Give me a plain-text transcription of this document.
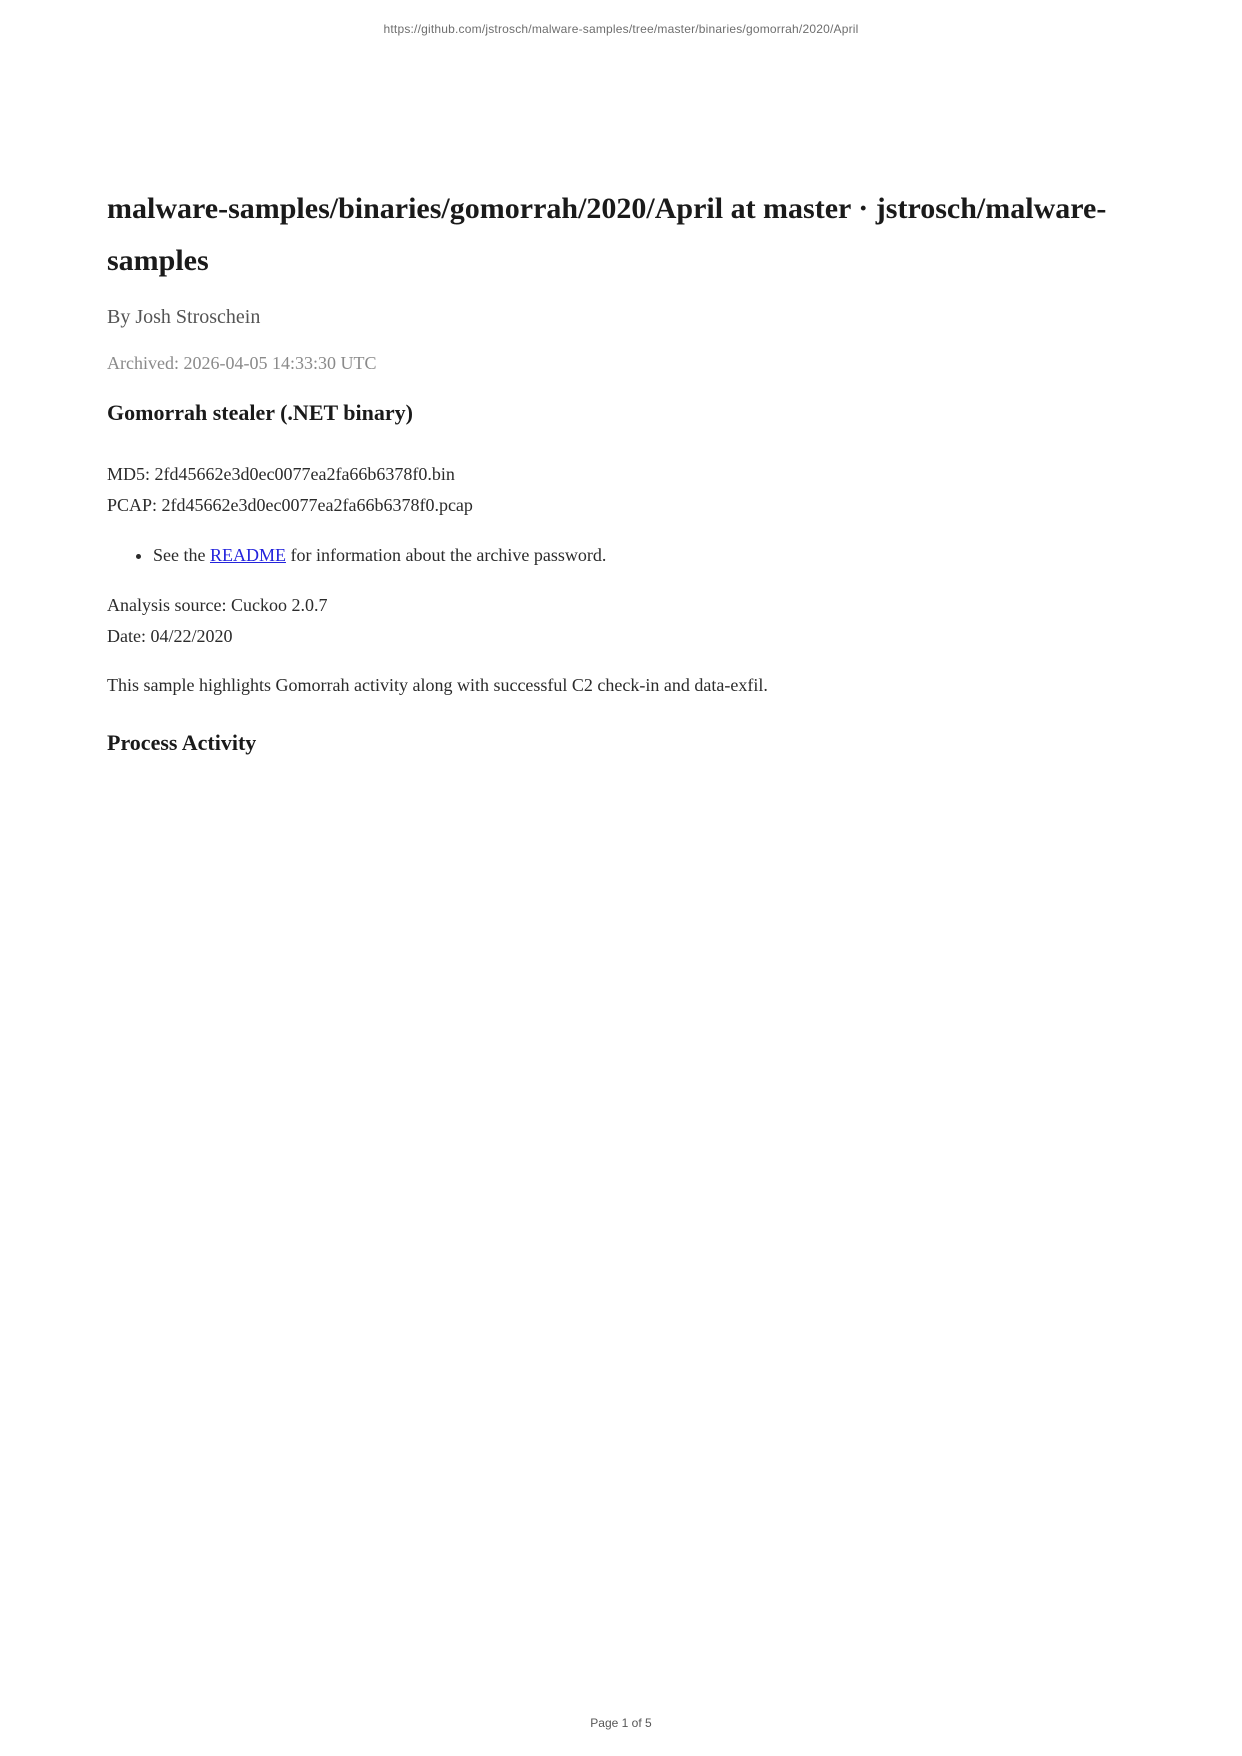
https://github.com/jstrosch/malware-samples/tree/master/binaries/gomorrah/2020/April
malware-samples/binaries/gomorrah/2020/April at master · jstrosch/malware-samples
By Josh Stroschein
Archived: 2026-04-05 14:33:30 UTC
Gomorrah stealer (.NET binary)
MD5: 2fd45662e3d0ec0077ea2fa66b6378f0.bin
PCAP: 2fd45662e3d0ec0077ea2fa66b6378f0.pcap
• See the README for information about the archive password.
Analysis source: Cuckoo 2.0.7
Date: 04/22/2020
This sample highlights Gomorrah activity along with successful C2 check-in and data-exfil.
Process Activity
Page 1 of 5
